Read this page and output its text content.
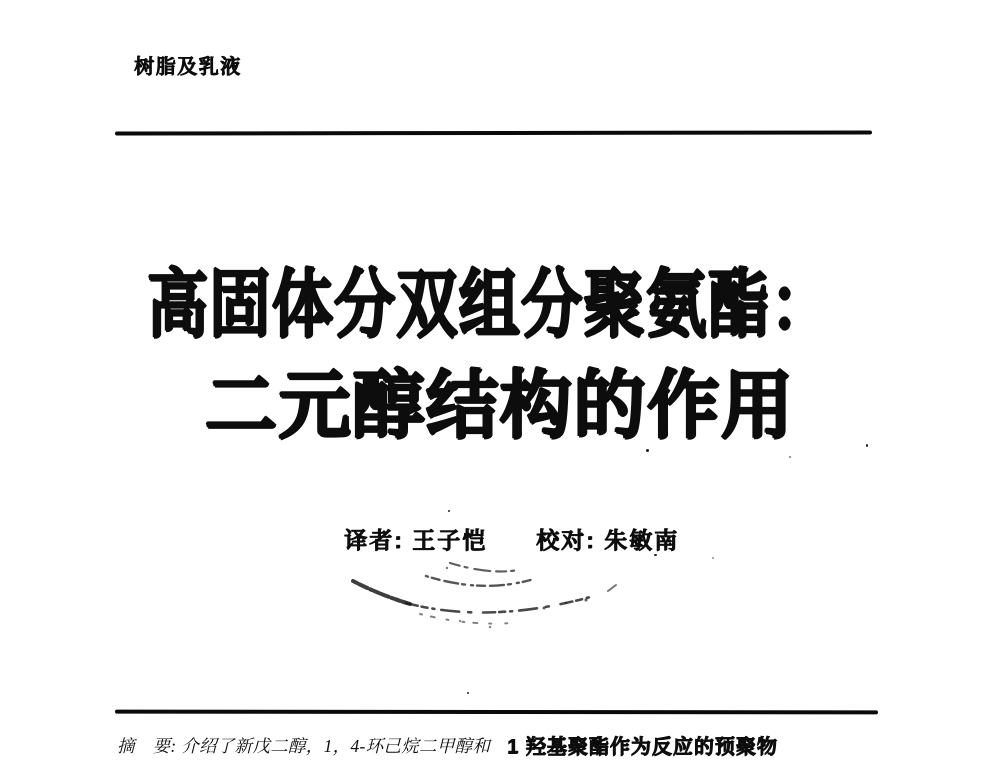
树脂及乳液
高固体分双组分聚氨酯：
二元醇结构的作用
译者: 王子恺 校对: 朱敏南
摘　要: 介绍了新戊二醇，1，4-环己烷二甲醇和 1 羟基聚酯作为反应的预聚物
